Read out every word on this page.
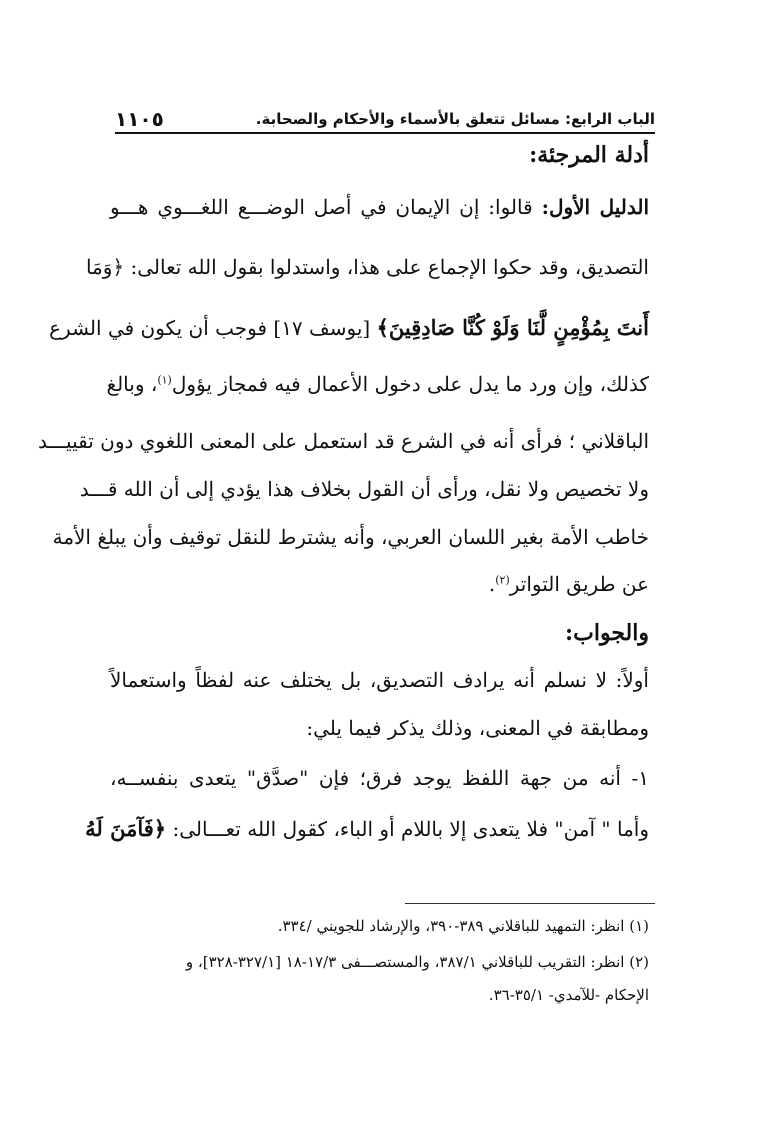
الباب الرابع: مسائل تتعلق بالأسماء والأحكام والصحابة.
١١٠٥
أدلة المرجئة:
الدليل الأول: قالوا: إن الإيمان في أصل الوضـــع اللغـــوي هـــو
التصديق، وقد حكوا الإجماع على هذا، واستدلوا بقول الله تعالى: ﴿وَمَا
أَنتَ بِمُؤْمِنٍ لَّنَا وَلَوْ كُنَّا صَادِقِينَ﴾ [يوسف ١٧] فوجب أن يكون في الشرع
كذلك، وإن ورد ما يدل على دخول الأعمال فيه فمجاز يؤول$^{(١)}$، وبالغ
الباقلاني ؛ فرأى أنه في الشرع قد استعمل على المعنى اللغوي دون تقييـــد
ولا تخصيص ولا نقل، ورأى أن القول بخلاف هذا يؤدي إلى أن الله قـــد
خاطب الأمة بغير اللسان العربي، وأنه يشترط للنقل توقيف وأن يبلغ الأمة
عن طريق التواتر$^{(٢)}$.
والجواب:
أولاً: لا نسلم أنه يرادف التصديق، بل يختلف عنه لفظاً واستعمالاً
ومطابقة في المعنى، وذلك يذكر فيما يلي:
١- أنه من جهة اللفظ يوجد فرق؛ فإن "صدَّق" يتعدى بنفســه،
وأما " آمن" فلا يتعدى إلا باللام أو الباء، كقول الله تعـــالى: ﴿فَآمَنَ لَهُ
(١) انظر: التمهيد للباقلاني ٣٨٩-٣٩٠، والإرشاد للجويني /٣٣٤.
(٢) انظر: التقريب للباقلاني ٣٨٧/١، والمستصـــفى ١٧/٣-١٨ [٣٢٧/١-٣٢٨]، و
الإحكام -للآمدي- ٣٥/١-٣٦.
